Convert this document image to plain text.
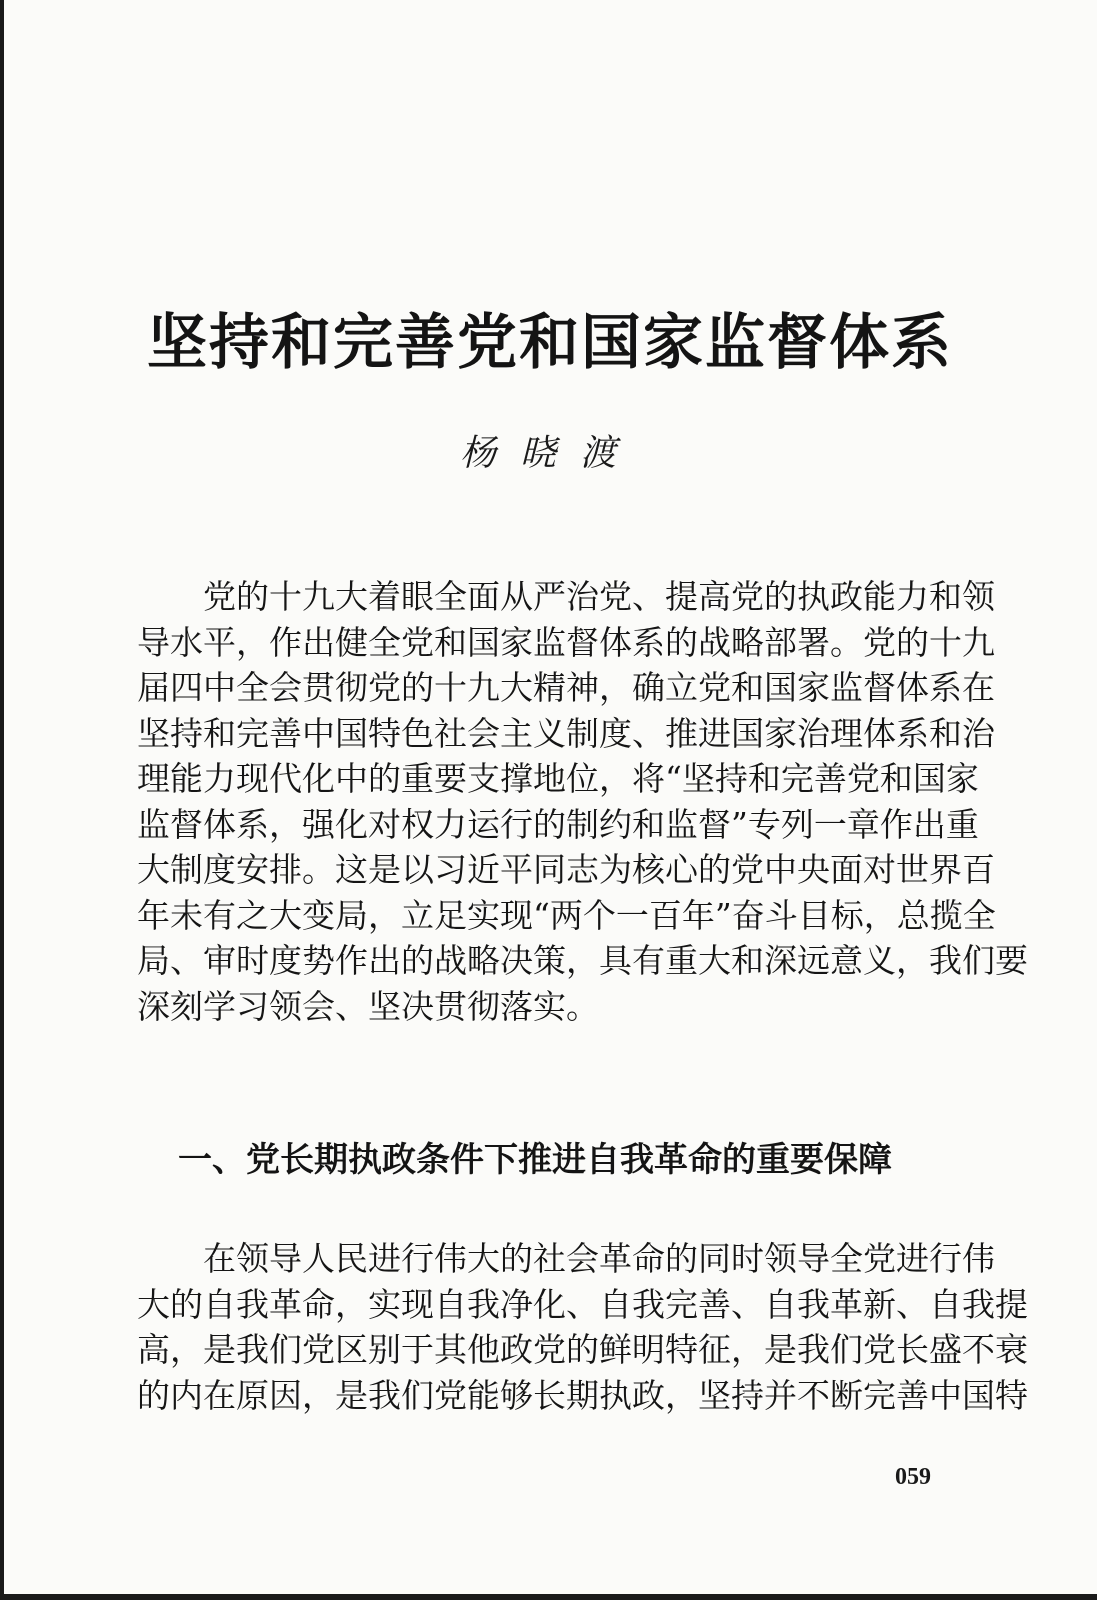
坚持和完善党和国家监督体系
杨晓渡
　　党的十九大着眼全面从严治党、提高党的执政能力和领
导水平，作出健全党和国家监督体系的战略部署。党的十九
届四中全会贯彻党的十九大精神，确立党和国家监督体系在
坚持和完善中国特色社会主义制度、推进国家治理体系和治
理能力现代化中的重要支撑地位，将“坚持和完善党和国家
监督体系，强化对权力运行的制约和监督”专列一章作出重
大制度安排。这是以习近平同志为核心的党中央面对世界百
年未有之大变局，立足实现“两个一百年”奋斗目标，总揽全
局、审时度势作出的战略决策，具有重大和深远意义，我们要
深刻学习领会、坚决贯彻落实。
一、党长期执政条件下推进自我革命的重要保障
　　在领导人民进行伟大的社会革命的同时领导全党进行伟
大的自我革命，实现自我净化、自我完善、自我革新、自我提
高，是我们党区别于其他政党的鲜明特征，是我们党长盛不衰
的内在原因，是我们党能够长期执政，坚持并不断完善中国特
059
